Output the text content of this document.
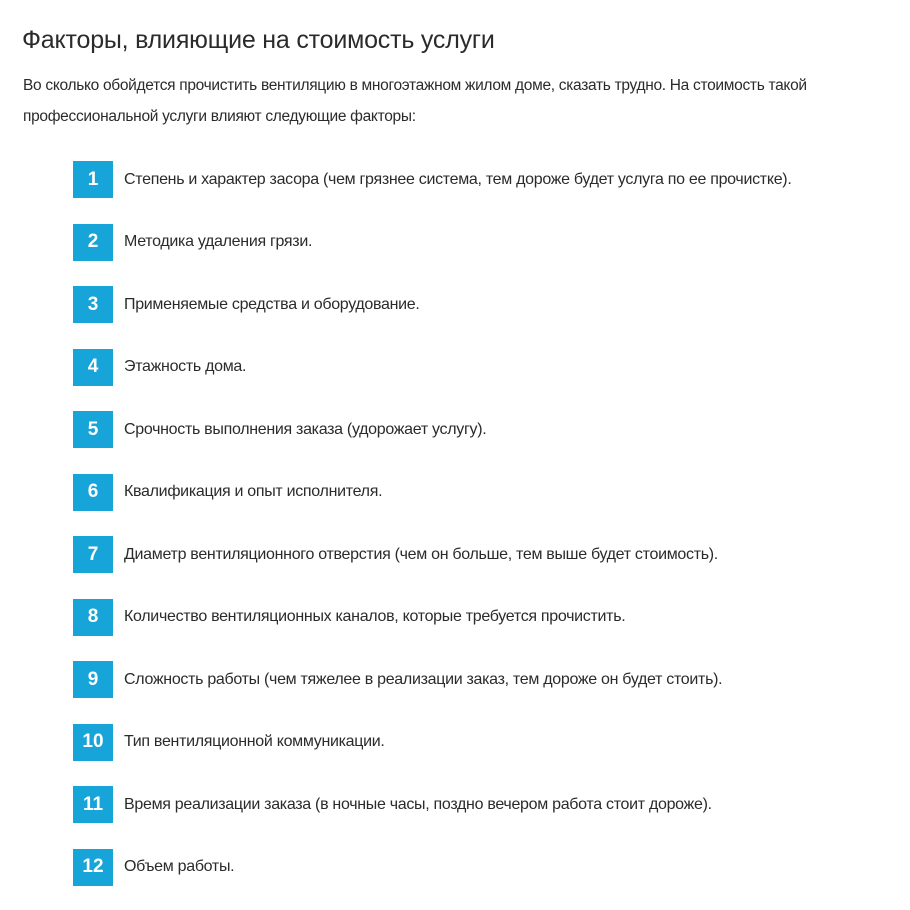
Факторы, влияющие на стоимость услуги

Во сколько обойдется прочистить вентиляцию в многоэтажном жилом доме, сказать трудно. На стоимость такой профессиональной услуги влияют следующие факторы:

1	Степень и характер засора (чем грязнее система, тем дороже будет услуга по ее прочистке).
2	Методика удаления грязи.
3	Применяемые средства и оборудование.
4	Этажность дома.
5	Срочность выполнения заказа (удорожает услугу).
6	Квалификация и опыт исполнителя.
7	Диаметр вентиляционного отверстия (чем он больше, тем выше будет стоимость).
8	Количество вентиляционных каналов, которые требуется прочистить.
9	Сложность работы (чем тяжелее в реализации заказ, тем дороже он будет стоить).
10	Тип вентиляционной коммуникации.
11	Время реализации заказа (в ночные часы, поздно вечером работа стоит дороже).
12	Объем работы.
